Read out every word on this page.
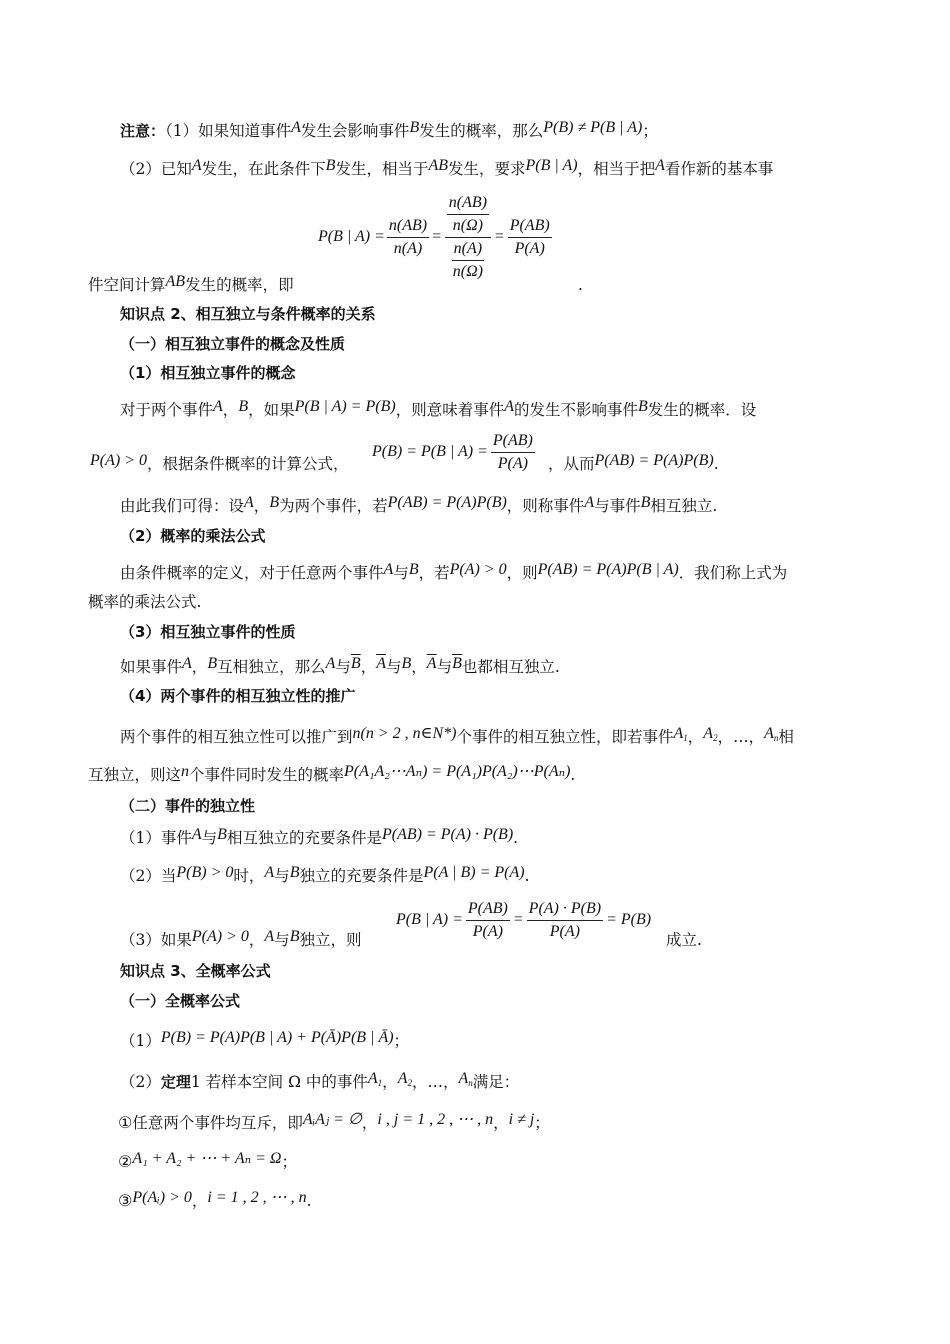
注意：（1）如果知道事件A发生会影响事件B发生的概率，那么P(B) ≠ P(B | A)；
（2）已知A发生，在此条件下B发生，相当于AB发生，要求P(B | A)，相当于把A看作新的基本事
P(B | $A) = \frac{n(AB)}{n(A)} = \frac{n(AB)}{n(\Omega)}$
$\frac{n(A)}{n(\Omega)}$
= $\frac{P(AB)}{P(A)}$
件空间计算AB发生的概率，即	.
知识点 2、相互独立与条件概率的关系
（一）相互独立事件的概念及性质
（1）相互独立事件的概念
对于两个事件A，B，如果P(B | A) = P(B)，则意味着事件A的发生不影响事件B发生的概率．设
P(A) > 0，根据条件概率的计算公式，
P(B) = P(B | $A) = \frac{P(AB)}{P(A)}$ ，从而P(AB) = P(A)P(B).
由此我们可得：设A，B为两个事件，若P(AB) = P(A)P(B)，则称事件A与事件B相互独立.
（2）概率的乘法公式
由条件概率的定义，对于任意两个事件A与B，若P(A) > 0，则P(AB) = P(A)P(B | A)．我们称上式为
概率的乘法公式.
（3）相互独立事件的性质
如果事件A，B互相独立，那么A与$\overline{B}$，$\overline{A}$与B，$\overline{A}$与$\overline{B}$也都相互独立.
（4）两个事件的相互独立性的推广
两个事件的相互独立性可以推广到n(n > 2 , n∈N*)个事件的相互独立性，即若事件$A_1$，$A_2$，…，$A_n$相
互独立，则这n个事件同时发生的概率P(A₁A₂⋯Aₙ) = P(A₁)P(A₂)⋯P(Aₙ).
（二）事件的独立性
（1）事件A与B相互独立的充要条件是P(AB) = P(A) · P(B).
（2）当P(B) > 0时，A与B独立的充要条件是P(A | B) = P(A).
（3）如果P(A) > 0，A与B独立，则
P(B | $A) = \frac{P(AB)}{P(A)} = \frac{P(A) \cdot P(B)}{P(A)} = P(B)$
成立.
知识点 3、全概率公式
（一）全概率公式
（1）P(B) = P(A)P(B | A) + P(Ā)P(B | Ā)；
（2）定理1 若样本空间 Ω 中的事件$A_1$，$A_2$，…，$A_n$满足：
①任意两个事件均互斥，即AᵢAⱼ = ∅，i , j = 1 , 2 , ⋯ , n，i ≠ j；
②A₁ + A₂ + ⋯ + Aₙ = Ω；
③P(Aᵢ) > 0，i = 1 , 2 , ⋯ , n.
